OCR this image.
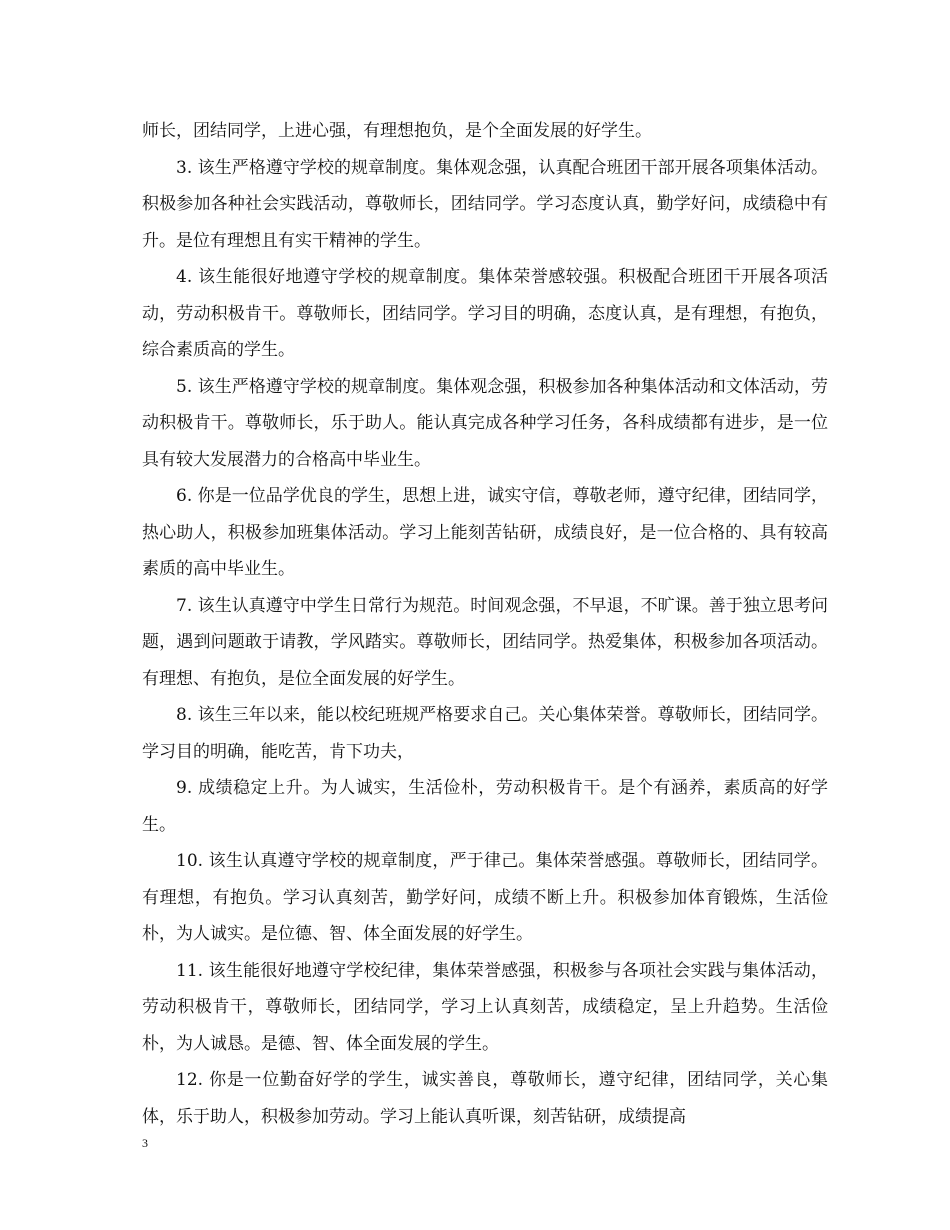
师长，团结同学，上进心强，有理想抱负，是个全面发展的好学生。

3. 该生严格遵守学校的规章制度。集体观念强，认真配合班团干部开展各项集体活动。积极参加各种社会实践活动，尊敬师长，团结同学。学习态度认真，勤学好问，成绩稳中有升。是位有理想且有实干精神的学生。

4. 该生能很好地遵守学校的规章制度。集体荣誉感较强。积极配合班团干开展各项活动，劳动积极肯干。尊敬师长，团结同学。学习目的明确，态度认真，是有理想，有抱负，综合素质高的学生。

5. 该生严格遵守学校的规章制度。集体观念强，积极参加各种集体活动和文体活动，劳动积极肯干。尊敬师长，乐于助人。能认真完成各种学习任务，各科成绩都有进步，是一位具有较大发展潜力的合格高中毕业生。

6. 你是一位品学优良的学生，思想上进，诚实守信，尊敬老师，遵守纪律，团结同学，热心助人，积极参加班集体活动。学习上能刻苦钻研，成绩良好，是一位合格的、具有较高素质的高中毕业生。

7. 该生认真遵守中学生日常行为规范。时间观念强，不早退，不旷课。善于独立思考问题，遇到问题敢于请教，学风踏实。尊敬师长，团结同学。热爱集体，积极参加各项活动。有理想、有抱负，是位全面发展的好学生。

8. 该生三年以来，能以校纪班规严格要求自己。关心集体荣誉。尊敬师长，团结同学。学习目的明确，能吃苦，肯下功夫，

9. 成绩稳定上升。为人诚实，生活俭朴，劳动积极肯干。是个有涵养，素质高的好学生。

10. 该生认真遵守学校的规章制度，严于律己。集体荣誉感强。尊敬师长，团结同学。有理想，有抱负。学习认真刻苦，勤学好问，成绩不断上升。积极参加体育锻炼，生活俭朴，为人诚实。是位德、智、体全面发展的好学生。

11. 该生能很好地遵守学校纪律，集体荣誉感强，积极参与各项社会实践与集体活动，劳动积极肯干，尊敬师长，团结同学，学习上认真刻苦，成绩稳定，呈上升趋势。生活俭朴，为人诚恳。是德、智、体全面发展的学生。

12. 你是一位勤奋好学的学生，诚实善良，尊敬师长，遵守纪律，团结同学，关心集体，乐于助人，积极参加劳动。学习上能认真听课，刻苦钻研，成绩提高

3
